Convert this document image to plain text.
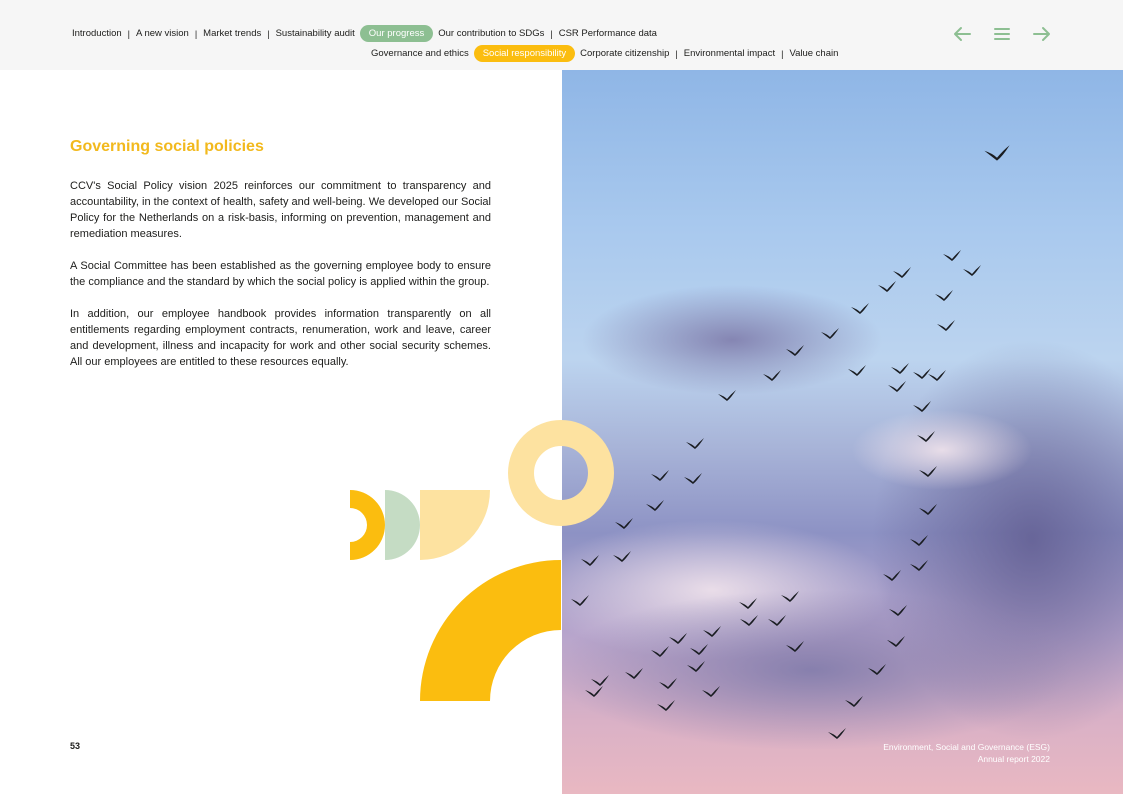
Introduction | A new vision | Market trends | Sustainability audit	Our progress	Our contribution to SDGs | CSR Performance data
Governance and ethics	Social responsibility	Corporate citizenship | Environmental impact | Value chain
Governing social policies

CCV's Social Policy vision 2025 reinforces our commitment to transparency and accountability, in the context of health, safety and well-being. We developed our Social Policy for the Netherlands on a risk-basis, informing on prevention, management and remediation measures.

A Social Committee has been established as the governing employee body to ensure the compliance and the standard by which the social policy is applied within the group.

In addition, our employee handbook provides information transparently on all entitlements regarding employment contracts, renumeration, work and leave, career and development, illness and incapacity for work and other social security schemes. All our employees are entitled to these resources equally.

53	Environment, Social and Governance (ESG)
Annual report 2022
